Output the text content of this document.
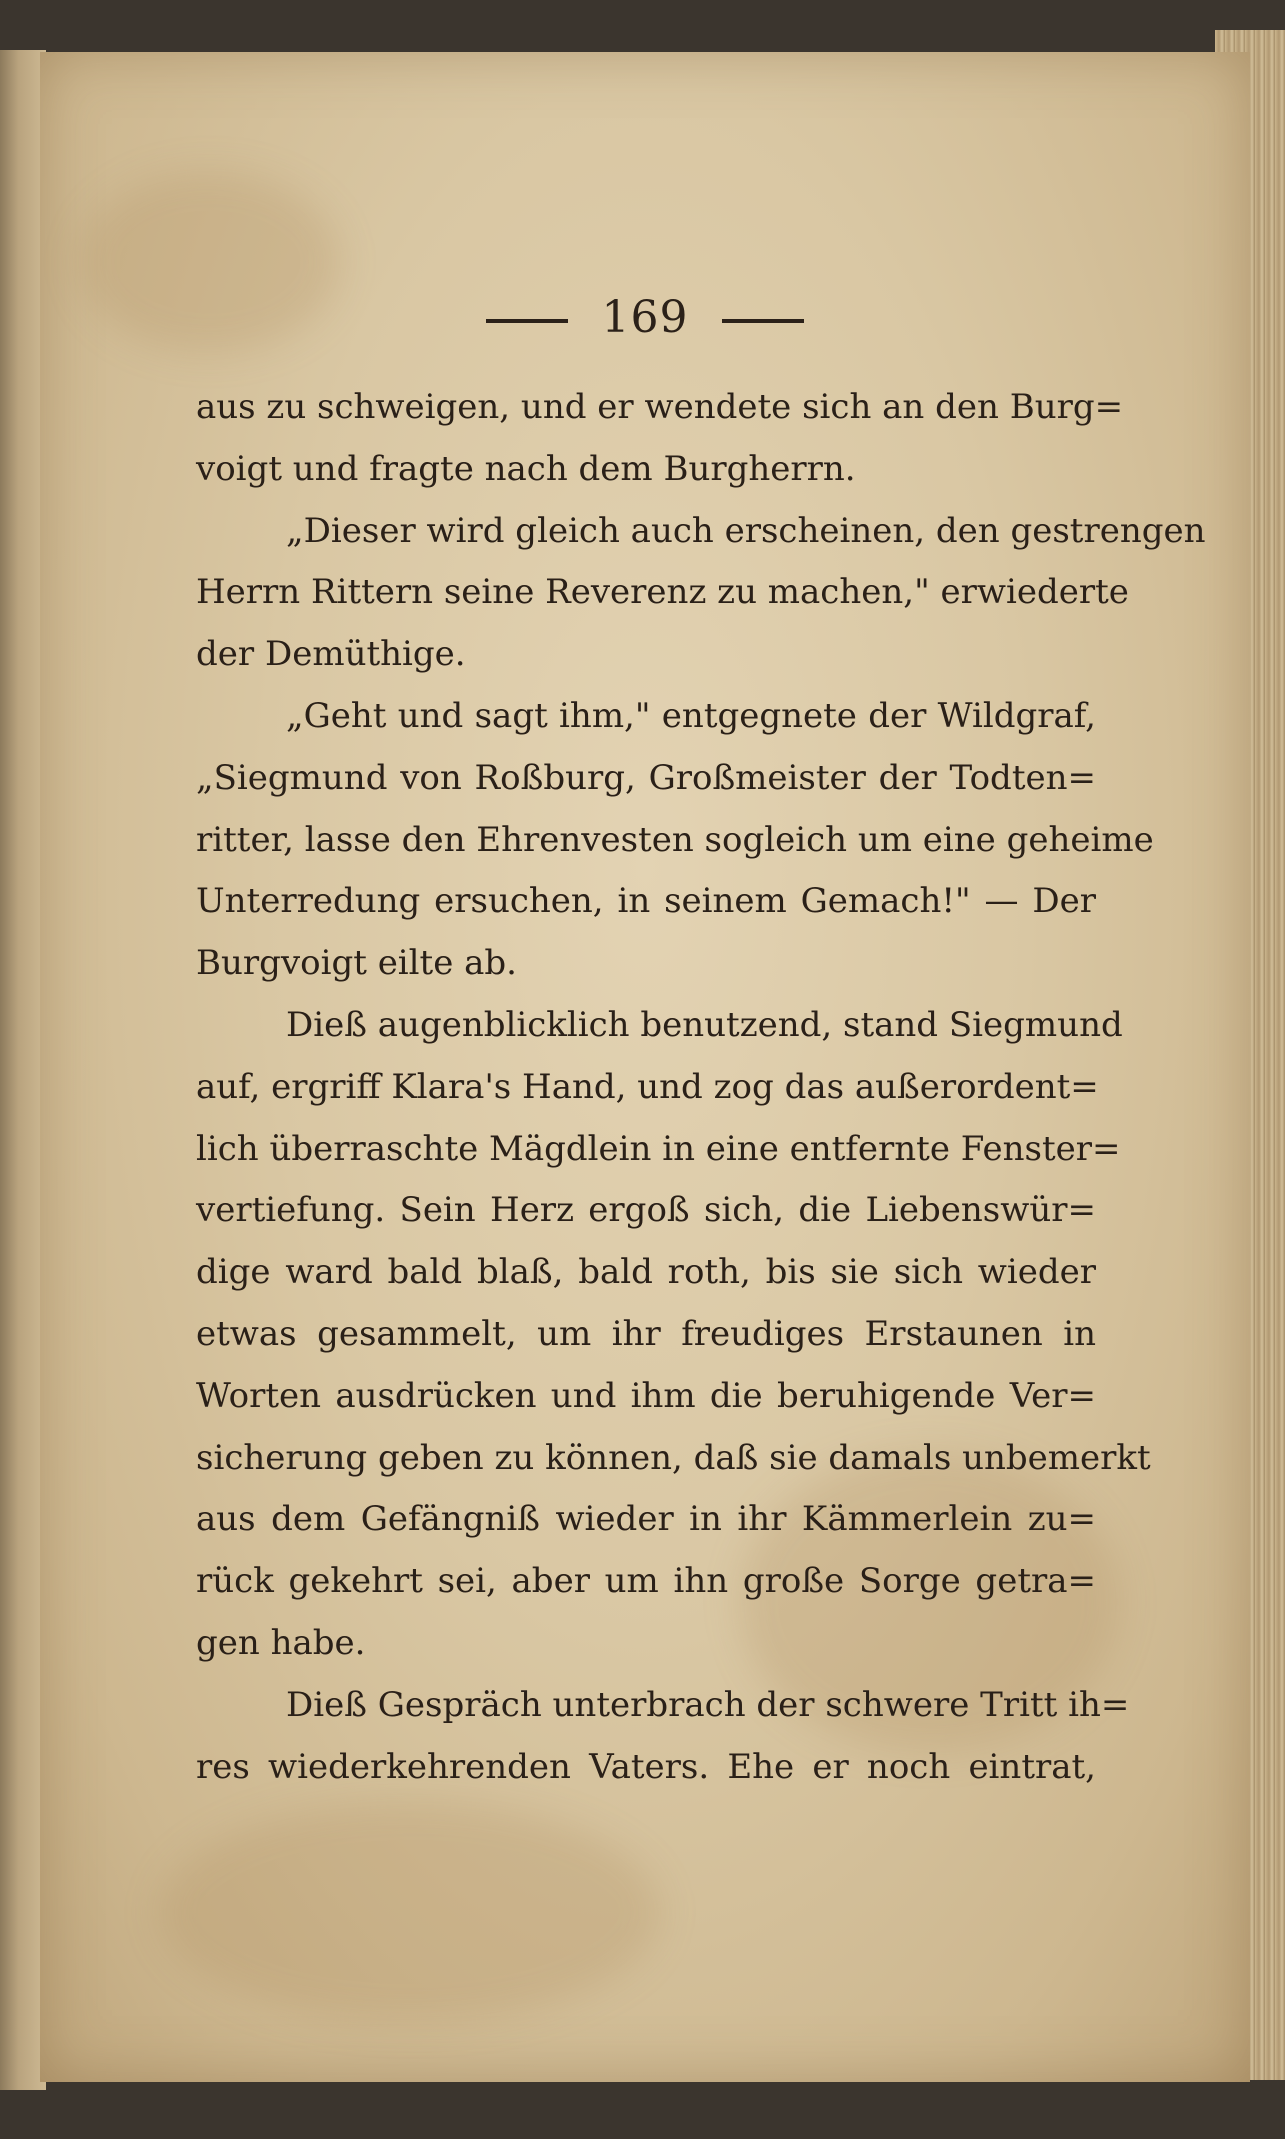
169
aus zu schweigen, und er wendete sich an den Burg=
voigt und fragte nach dem Burgherrn.
„Dieser wird gleich auch erscheinen, den gestrengen
Herrn Rittern seine Reverenz zu machen," erwiederte
der Demüthige.
„Geht und sagt ihm," entgegnete der Wildgraf,
„Siegmund von Roßburg, Großmeister der Todten=
ritter, lasse den Ehrenvesten sogleich um eine geheime
Unterredung ersuchen, in seinem Gemach!" — Der
Burgvoigt eilte ab.
Dieß augenblicklich benutzend, stand Siegmund
auf, ergriff Klara's Hand, und zog das außerordent=
lich überraschte Mägdlein in eine entfernte Fenster=
vertiefung. Sein Herz ergoß sich, die Liebenswür=
dige ward bald blaß, bald roth, bis sie sich wieder
etwas gesammelt, um ihr freudiges Erstaunen in
Worten ausdrücken und ihm die beruhigende Ver=
sicherung geben zu können, daß sie damals unbemerkt
aus dem Gefängniß wieder in ihr Kämmerlein zu=
rück gekehrt sei, aber um ihn große Sorge getra=
gen habe.
Dieß Gespräch unterbrach der schwere Tritt ih=
res wiederkehrenden Vaters. Ehe er noch eintrat,
